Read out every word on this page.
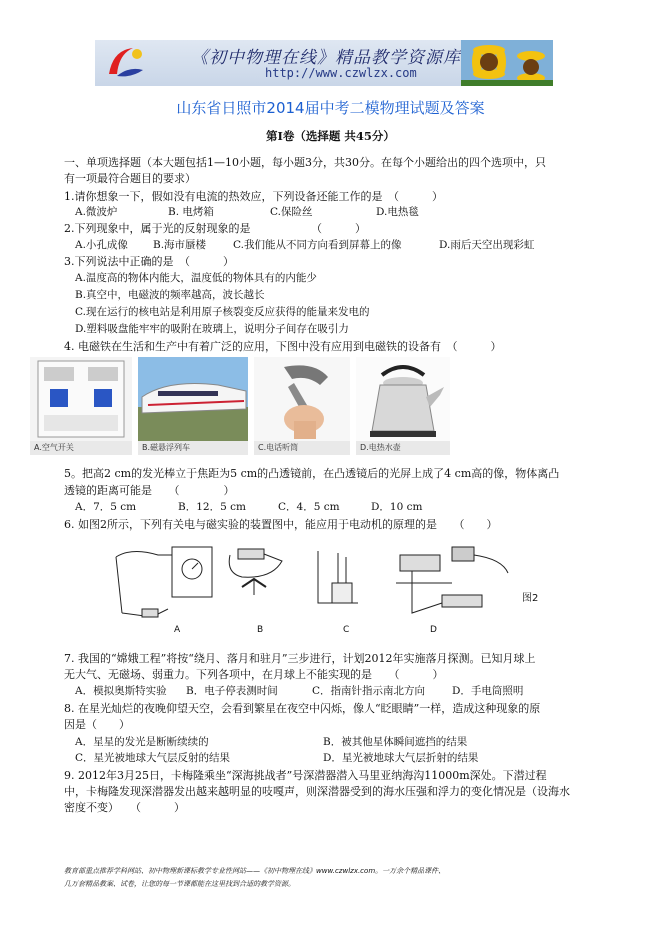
《初中物理在线》精品教学资源库
http://www.czwlzx.com
山东省日照市2014届中考二模物理试题及答案
第Ⅰ卷（选择题 共45分）
一、单项选择题（本大题包括1—10小题，每小题3分，共30分。在每个小题给出的四个选项中，只
有一项最符合题目的要求）
1.请你想象一下，假如没有电流的热效应，下列设备还能工作的是　（　　　）
A.微波炉	B. 电烤箱	C.保险丝	D.电热毯
2.下列现象中，属于光的反射现象的是　　　　　　（　　　）
A.小孔成像 B.海市蜃楼	C.我们能从不同方向看到屏幕上的像	D.雨后天空出现彩虹
3.下列说法中正确的是　（　　　）
A.温度高的物体内能大，温度低的物体具有的内能少
B.真空中，电磁波的频率越高，波长越长
C.现在运行的核电站是利用原子核裂变反应获得的能量来发电的
D.塑料吸盘能牢牢的吸附在玻璃上，说明分子间存在吸引力
4. 电磁铁在生活和生产中有着广泛的应用，下图中没有应用到电磁铁的设备有　（　　　）
A.空气开关	B.磁悬浮列车	C.电话听筒	D.电热水壶
5。把高2 cm的发光棒立于焦距为5 cm的凸透镜前，在凸透镜后的光屏上成了4 cm高的像，物体离凸
透镜的距离可能是　　（　　　　）
A．7．5 cm	B．12．5 cm	C．4．5 cm	D．10 cm
6. 如图2所示，下列有关电与磁实验的装置图中，能应用于电动机的原理的是　　（　　）
A	B	C	D
图2
7. 我国的“嫦娥工程”将按“绕月、落月和驻月”三步进行，计划2012年实施落月探测。已知月球上
无大气、无磁场、弱重力。下列各项中，在月球上不能实现的是　　（　　　）
A．模拟奥斯特实验 B．电子停表测时间	C．指南针指示南北方向	D．手电筒照明
8. 在星光灿烂的夜晚仰望天空，会看到繁星在夜空中闪烁，像人“眨眼睛”一样，造成这种现象的原
因是（　　）
A．星星的发光是断断续续的	B．被其他星体瞬间遮挡的结果
C．星光被地球大气层反射的结果	D．星光被地球大气层折射的结果
9. 2012年3月25日，卡梅隆乘坐“深海挑战者”号深潜器潜入马里亚纳海沟11000m深处。下潜过程
中，卡梅隆发现深潜器发出越来越明显的吱嘎声，则深潜器受到的海水压强和浮力的变化情况是（设海水
密度不变）　　（　　　）
教育部重点推荐学科网站、初中物理新课标教学专业性网站——《初中物理在线》www.czwlzx.com。一万余个精品课件、
几万套精品教案、试卷，让您的每一节课都能在这里找到合适的教学资源。
